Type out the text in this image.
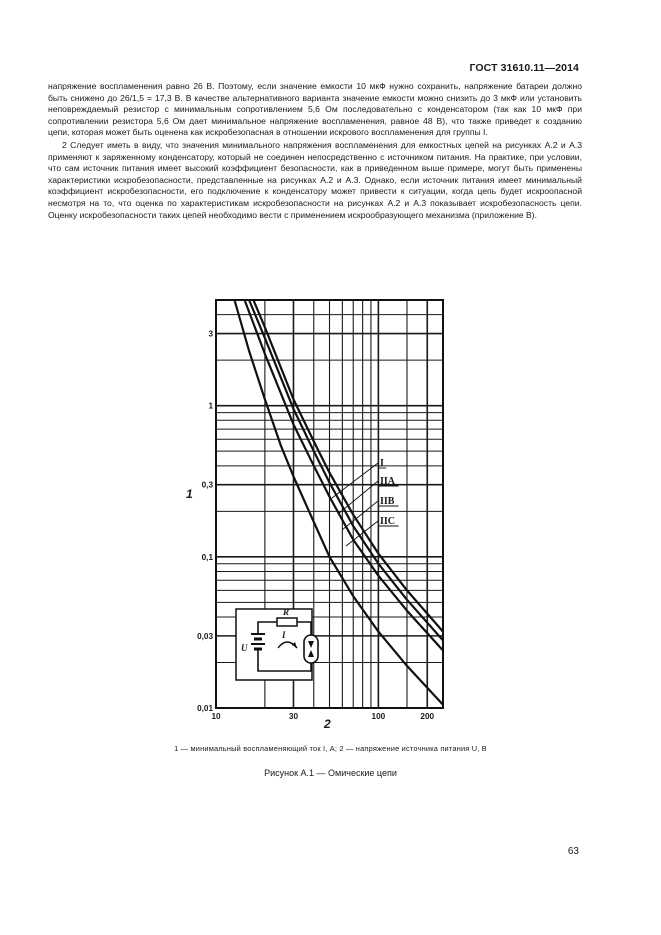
ГОСТ 31610.11—2014

напряжение воспламенения равно 26 В. Поэтому, если значение емкости 10 мкФ нужно сохранить, напряжение батареи должно быть снижено до 26/1,5 = 17,3 В. В качестве альтернативного варианта значение емкости можно снизить до 3 мкФ или установить неповреждаемый резистор с минимальным сопротивлением 5,6 Ом последовательно с конденсатором (так как 10 мкФ при сопротивлении резистора 5,6 Ом дает минимальное напряжение воспламенения, равное 48 В), что также приведет к созданию цепи, которая может быть оценена как искробезопасная в отношении искрового воспламенения для группы I.

2 Следует иметь в виду, что значения минимального напряжения воспламенения для емкостных цепей на рисунках А.2 и А.3 применяют к заряженному конденсатору, который не соединен непосредственно с источником питания. На практике, при условии, что сам источник питания имеет высокий коэффициент безопасности, как в приведенном выше примере, могут быть применены характеристики искробезопасности, представленные на рисунках А.2 и А.3. Однако, если источник питания имеет минимальный коэффициент искробезопасности, его подключение к конденсатору может привести к ситуации, когда цепь будет искроопасной несмотря на то, что оценка по характеристикам искробезопасности на рисунках А.2 и А.3 показывает искробезопасность цепи. Оценку искробезопасности таких цепей необходимо вести с применением искрообразующего механизма (приложение В).

0,01
0,03
0,1
0,3
1
3
10	30	100	200
1
2
R
U
I
I
IIA
IIB
IIC
1 — минимальный воспламеняющий ток I, А; 2 — напряжение источника питания U, В
Рисунок А.1 — Омические цепи
63
